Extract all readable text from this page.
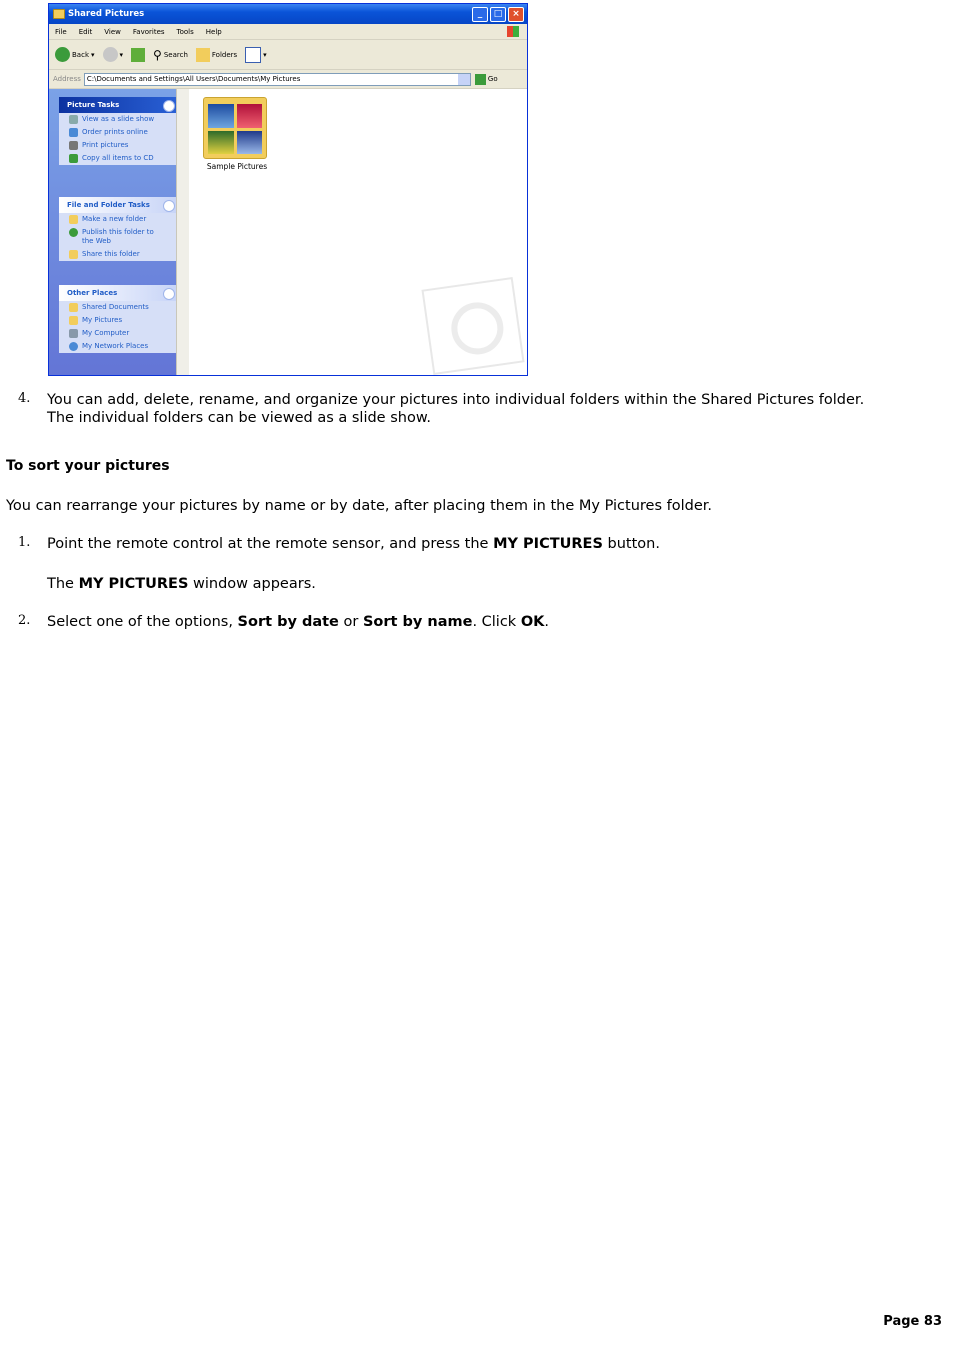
Shared Pictures	_	□	×
File Edit View Favorites Tools Help
Back ▾	▾	⚲ Search	Folders	▾
Address C:\Documents and Settings\All Users\Documents\My Pictures	Go
Picture Tasks
View as a slide show
Order prints online
Print pictures
Copy all items to CD
File and Folder Tasks
Make a new folder
Publish this folder to the Web
Share this folder
Other Places
Shared Documents
My Pictures
My Computer
My Network Places
Sample Pictures
4. You can add, delete, rename, and organize your pictures into individual folders within the Shared Pictures folder.
The individual folders can be viewed as a slide show.
To sort your pictures
You can rearrange your pictures by name or by date, after placing them in the My Pictures folder.
1. Point the remote control at the remote sensor, and press the MY PICTURES button.
The MY PICTURES window appears.
2. Select one of the options, Sort by date or Sort by name. Click OK.
Page 83
